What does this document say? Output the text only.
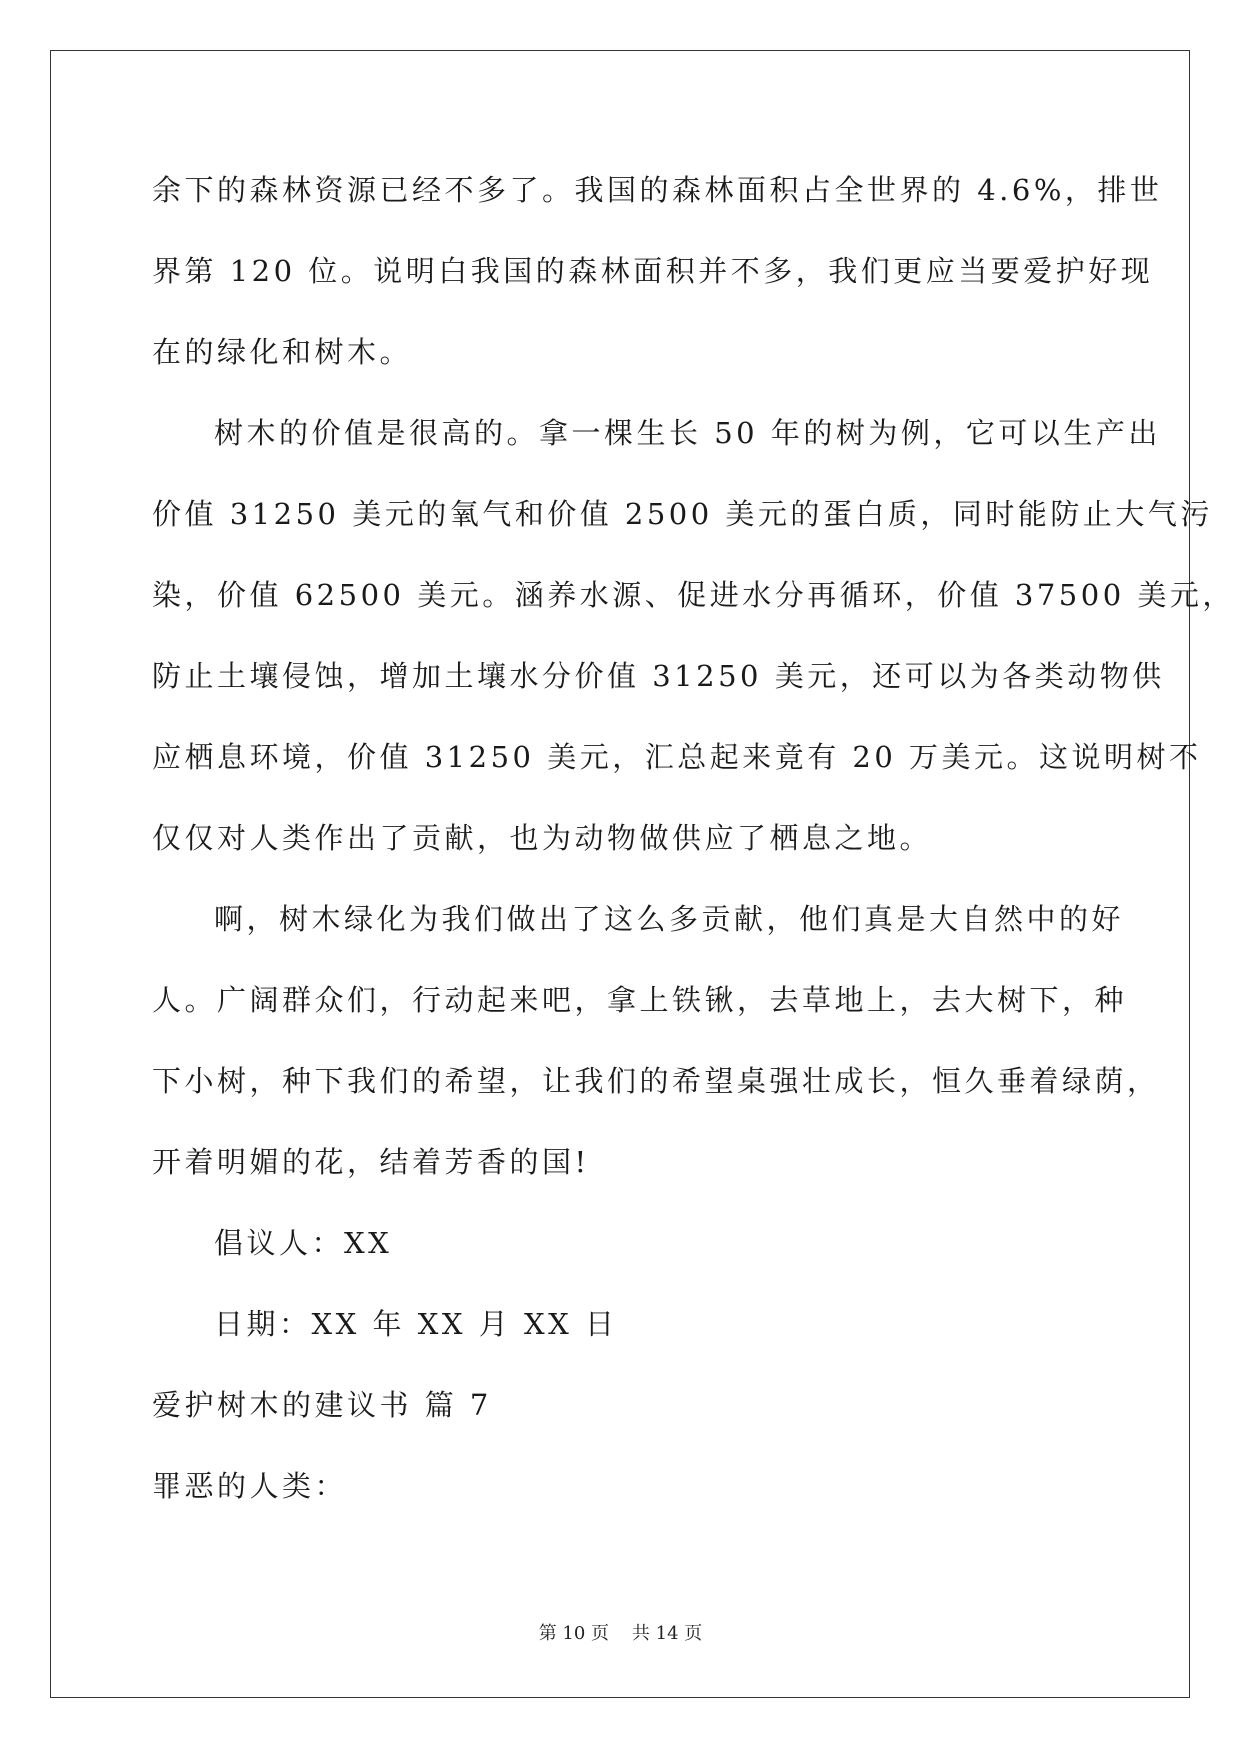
余下的森林资源已经不多了。我国的森林面积占全世界的 4.6%，排世
界第 120 位。说明白我国的森林面积并不多，我们更应当要爱护好现
在的绿化和树木。
树木的价值是很高的。拿一棵生长 50 年的树为例，它可以生产出
价值 31250 美元的氧气和价值 2500 美元的蛋白质，同时能防止大气污
染，价值 62500 美元。涵养水源、促进水分再循环，价值 37500 美元，
防止土壤侵蚀，增加土壤水分价值 31250 美元，还可以为各类动物供
应栖息环境，价值 31250 美元，汇总起来竟有 20 万美元。这说明树不
仅仅对人类作出了贡献，也为动物做供应了栖息之地。
啊，树木绿化为我们做出了这么多贡献，他们真是大自然中的好
人。广阔群众们，行动起来吧，拿上铁锹，去草地上，去大树下，种
下小树，种下我们的希望，让我们的希望桌强壮成长，恒久垂着绿荫，
开着明媚的花，结着芳香的国!
倡议人：XX
日期：XX 年 XX 月 XX 日
爱护树木的建议书 篇 7
罪恶的人类：
第 10 页    共 14 页
